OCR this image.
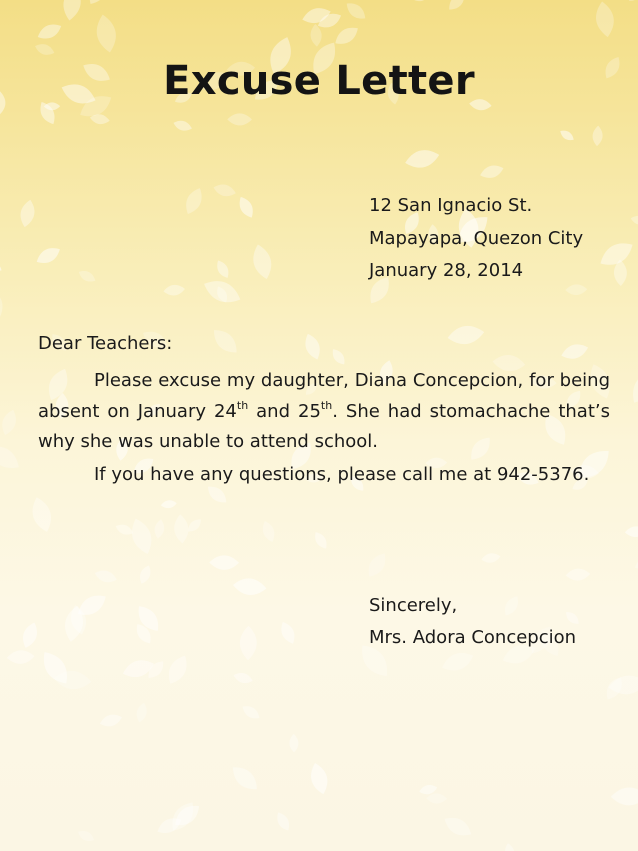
Excuse Letter
12 San Ignacio St.
Mapayapa, Quezon City
January 28, 2014
Dear Teachers:

Please excuse my daughter, Diana Concepcion, for being absent on January 24th and 25th. She had stomachache that’s why she was unable to attend school.

If you have any questions, please call me at 942-5376.

Sincerely,
Mrs. Adora Concepcion
